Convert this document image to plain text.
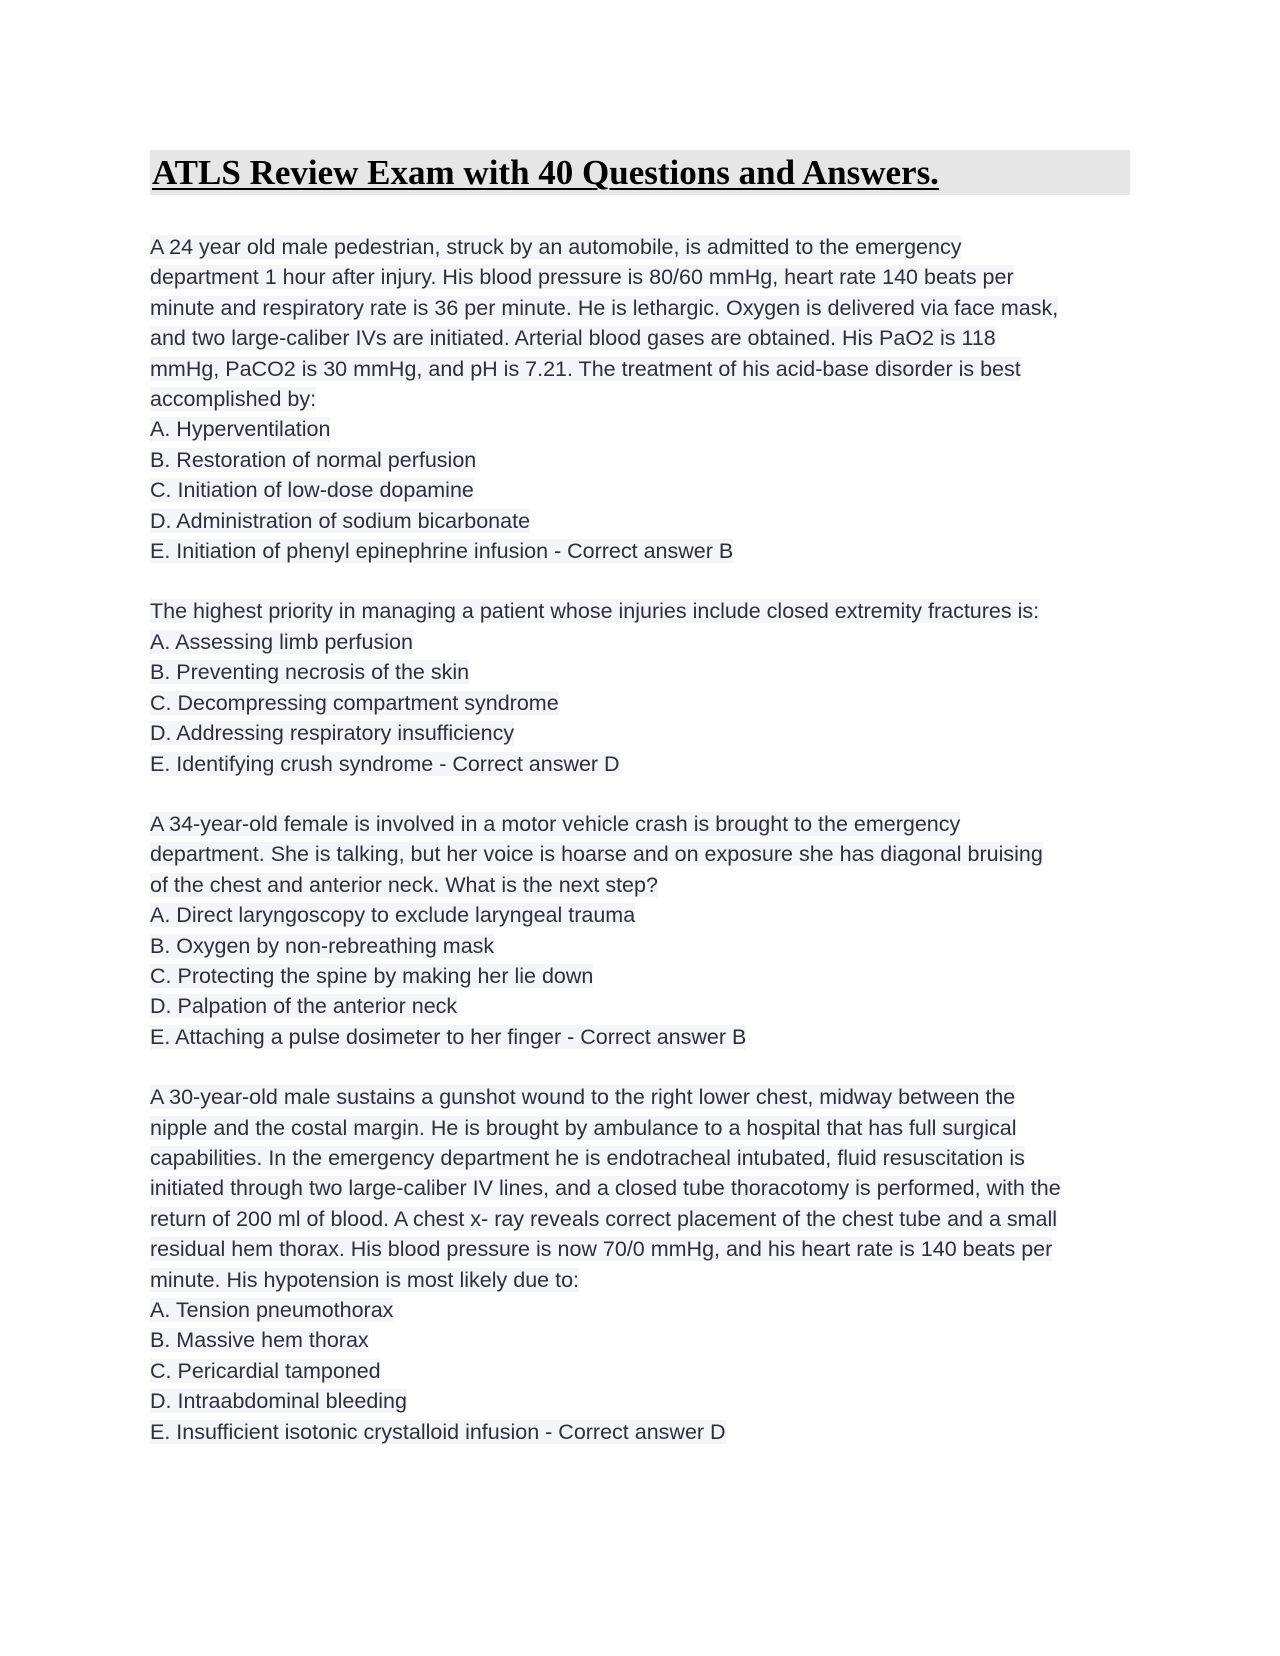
ATLS Review Exam with 40 Questions and Answers.
A 24 year old male pedestrian, struck by an automobile, is admitted to the emergency
department 1 hour after injury. His blood pressure is 80/60 mmHg, heart rate 140 beats per
minute and respiratory rate is 36 per minute. He is lethargic. Oxygen is delivered via face mask,
and two large-caliber IVs are initiated. Arterial blood gases are obtained. His PaO2 is 118
mmHg, PaCO2 is 30 mmHg, and pH is 7.21. The treatment of his acid-base disorder is best
accomplished by:
A. Hyperventilation
B. Restoration of normal perfusion
C. Initiation of low-dose dopamine
D. Administration of sodium bicarbonate
E. Initiation of phenyl epinephrine infusion - Correct answer B
The highest priority in managing a patient whose injuries include closed extremity fractures is:
A. Assessing limb perfusion
B. Preventing necrosis of the skin
C. Decompressing compartment syndrome
D. Addressing respiratory insufficiency
E. Identifying crush syndrome - Correct answer D
A 34-year-old female is involved in a motor vehicle crash is brought to the emergency
department. She is talking, but her voice is hoarse and on exposure she has diagonal bruising
of the chest and anterior neck. What is the next step?
A. Direct laryngoscopy to exclude laryngeal trauma
B. Oxygen by non-rebreathing mask
C. Protecting the spine by making her lie down
D. Palpation of the anterior neck
E. Attaching a pulse dosimeter to her finger - Correct answer B
A 30-year-old male sustains a gunshot wound to the right lower chest, midway between the
nipple and the costal margin. He is brought by ambulance to a hospital that has full surgical
capabilities. In the emergency department he is endotracheal intubated, fluid resuscitation is
initiated through two large-caliber IV lines, and a closed tube thoracotomy is performed, with the
return of 200 ml of blood. A chest x- ray reveals correct placement of the chest tube and a small
residual hem thorax. His blood pressure is now 70/0 mmHg, and his heart rate is 140 beats per
minute. His hypotension is most likely due to:
A. Tension pneumothorax
B. Massive hem thorax
C. Pericardial tamponed
D. Intraabdominal bleeding
E. Insufficient isotonic crystalloid infusion - Correct answer D
